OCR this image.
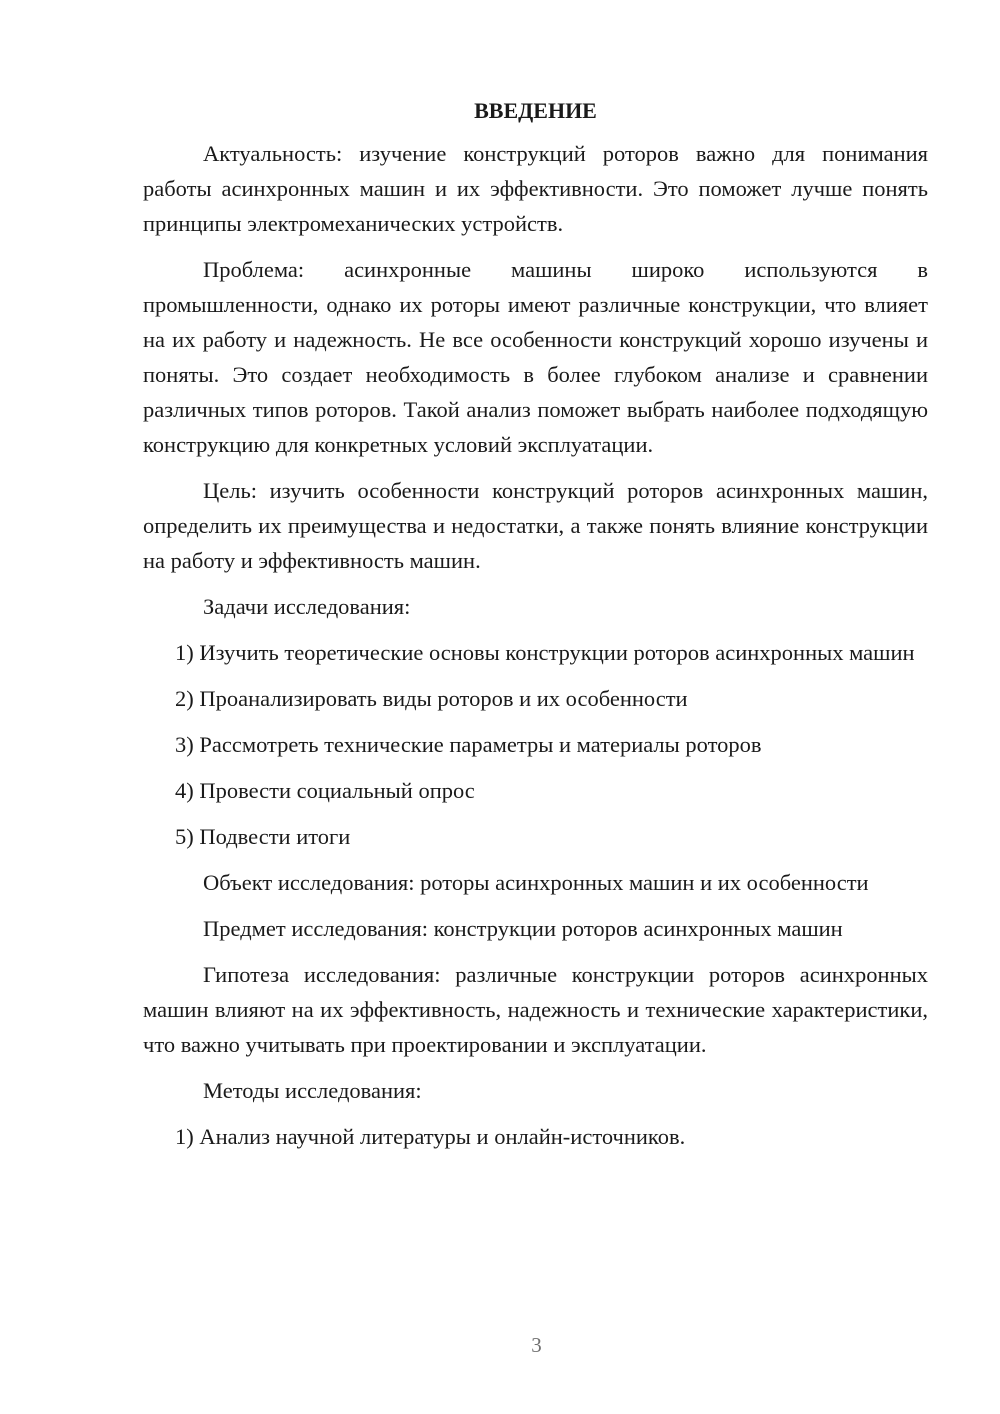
ВВЕДЕНИЕ

Актуальность: изучение конструкций роторов важно для понимания работы асинхронных машин и их эффективности. Это поможет лучше понять принципы электромеханических устройств.

Проблема: асинхронные машины широко используются в промышленности, однако их роторы имеют различные конструкции, что влияет на их работу и надежность. Не все особенности конструкций хорошо изучены и поняты. Это создает необходимость в более глубоком анализе и сравнении различных типов роторов. Такой анализ поможет выбрать наиболее подходящую конструкцию для конкретных условий эксплуатации.

Цель: изучить особенности конструкций роторов асинхронных машин, определить их преимущества и недостатки, а также понять влияние конструкции на работу и эффективность машин.

Задачи исследования:

1) Изучить теоретические основы конструкции роторов асинхронных машин

2) Проанализировать виды роторов и их особенности

3) Рассмотреть технические параметры и материалы роторов

4) Провести социальный опрос

5) Подвести итоги

Объект исследования: роторы асинхронных машин и их особенности

Предмет исследования: конструкции роторов асинхронных машин

Гипотеза исследования: различные конструкции роторов асинхронных машин влияют на их эффективность, надежность и технические характеристики, что важно учитывать при проектировании и эксплуатации.

Методы исследования:

1) Анализ научной литературы и онлайн-источников.

3
